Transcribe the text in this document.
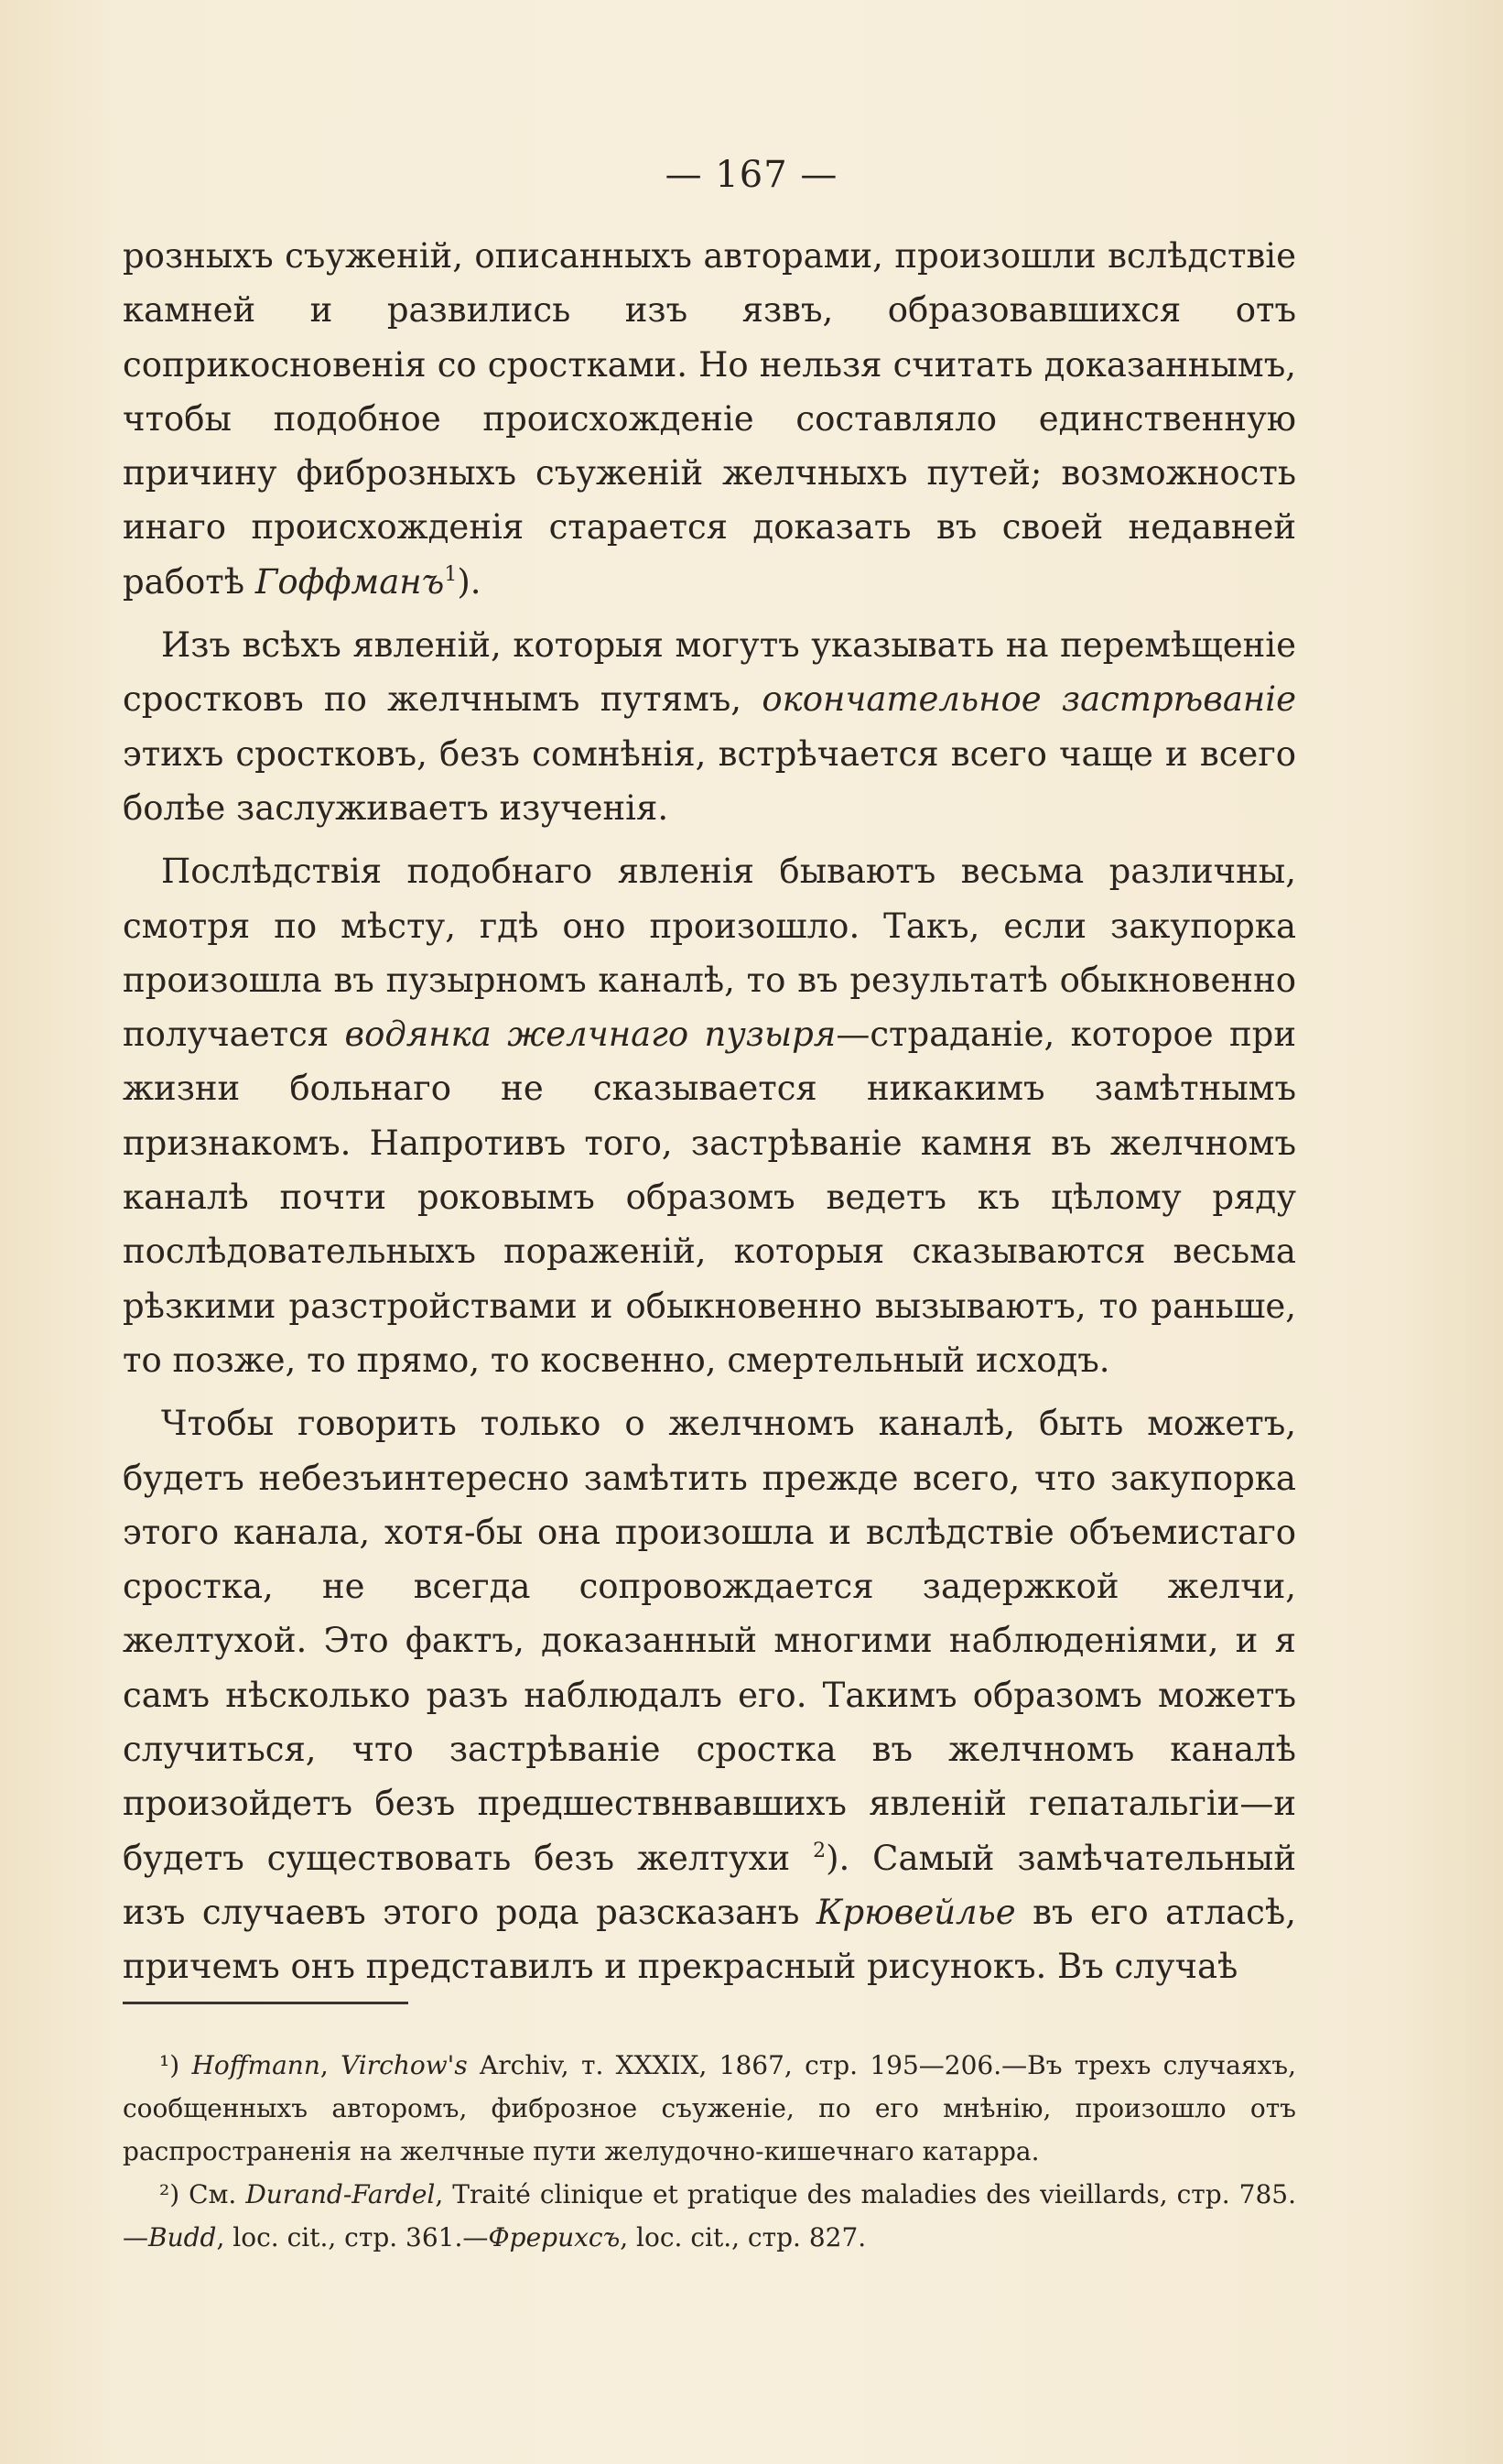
— 167 —

розныхъ съуженій, описанныхъ авторами, произошли вслѣдствіе камней и развились изъ язвъ, образовавшихся отъ соприкосновенія со сростками. Но нельзя считать доказаннымъ, чтобы подобное происхожденіе составляло единственную причину фиброзныхъ съуженій желчныхъ путей; возможность инаго происхожденія старается доказать въ своей недавней работѣ Гоффманъ$^1$).

Изъ всѣхъ явленій, которыя могутъ указывать на перемѣщеніе сростковъ по желчнымъ путямъ, окончательное застрѣваніе этихъ сростковъ, безъ сомнѣнія, встрѣчается всего чаще и всего болѣе заслуживаетъ изученія.

Послѣдствія подобнаго явленія бываютъ весьма различны, смотря по мѣсту, гдѣ оно произошло. Такъ, если закупорка произошла въ пузырномъ каналѣ, то въ результатѣ обыкновенно получается водянка желчнаго пузыря—страданіе, которое при жизни больнаго не сказывается никакимъ замѣтнымъ признакомъ. Напротивъ того, застрѣваніе камня въ желчномъ каналѣ почти роковымъ образомъ ведетъ къ цѣлому ряду послѣдовательныхъ пораженій, которыя сказываются весьма рѣзкими разстройствами и обыкновенно вызываютъ, то раньше, то позже, то прямо, то косвенно, смертельный исходъ.

Чтобы говорить только о желчномъ каналѣ, быть можетъ, будетъ небезъинтересно замѣтить прежде всего, что закупорка этого канала, хотя-бы она произошла и вслѣдствіе объемистаго сростка, не всегда сопровождается задержкой желчи, желтухой. Это фактъ, доказанный многими наблюденіями, и я самъ нѣсколько разъ наблюдалъ его. Такимъ образомъ можетъ случиться, что застрѣваніе сростка въ желчномъ каналѣ произойдетъ безъ предшествнвавшихъ явленій гепатальгіи—и будетъ существовать безъ желтухи $^2$). Самый замѣчательный изъ случаевъ этого рода разсказанъ Крювейлье въ его атласѣ, причемъ онъ представилъ и прекрасный рисунокъ. Въ случаѣ

¹) Hoffmann, Virchow's Archiv, т. XXXIX, 1867, стр. 195—206.—Въ трехъ случаяхъ, сообщенныхъ авторомъ, фиброзное съуженіе, по его мнѣнію, произошло отъ распространенія на желчные пути желудочно-кишечнаго катарра.

²) См. Durand-Fardel, Traité clinique et pratique des maladies des vieillards, стр. 785.—Budd, loc. cit., стр. 361.—Фрерихсъ, loc. cit., стр. 827.
